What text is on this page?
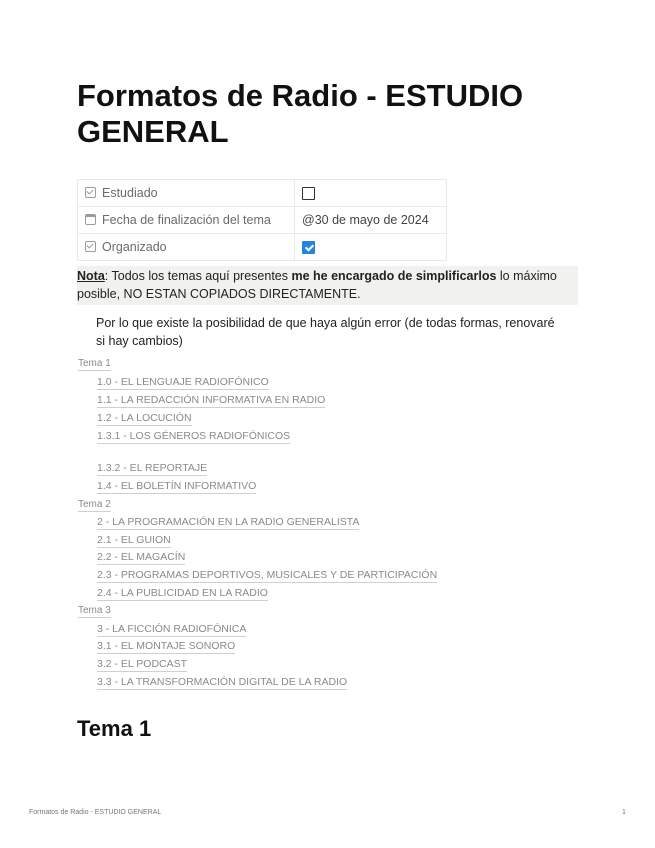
Formatos de Radio - ESTUDIO GENERAL
Estudiado	
Fecha de finalización del tema	@30 de mayo de 2024
Organizado	
Nota: Todos los temas aquí presentes me he encargado de simplificarlos lo máximo posible, NO ESTAN COPIADOS DIRECTAMENTE.
Por lo que existe la posibilidad de que haya algún error (de todas formas, renovaré si hay cambios)
Tema 1
1.0 - EL LENGUAJE RADIOFÓNICO
1.1 - LA REDACCIÓN INFORMATIVA EN RADIO
1.2 - LA LOCUCIÓN
1.3.1 - LOS GÉNEROS RADIOFÓNICOS
1.3.2 - EL REPORTAJE
1.4 - EL BOLETÍN INFORMATIVO
Tema 2
2 - LA PROGRAMACIÓN EN LA RADIO GENERALISTA
2.1 - EL GUION
2.2 - EL MAGACÍN
2.3 - PROGRAMAS DEPORTIVOS, MUSICALES Y DE PARTICIPACIÓN
2.4 - LA PUBLICIDAD EN LA RADIO
Tema 3
3 - LA FICCIÓN RADIOFÓNICA
3.1 - EL MONTAJE SONORO
3.2 - EL PODCAST
3.3 - LA TRANSFORMACIÓN DIGITAL DE LA RADIO
Tema 1
Formatos de Radio - ESTUDIO GENERAL	1
